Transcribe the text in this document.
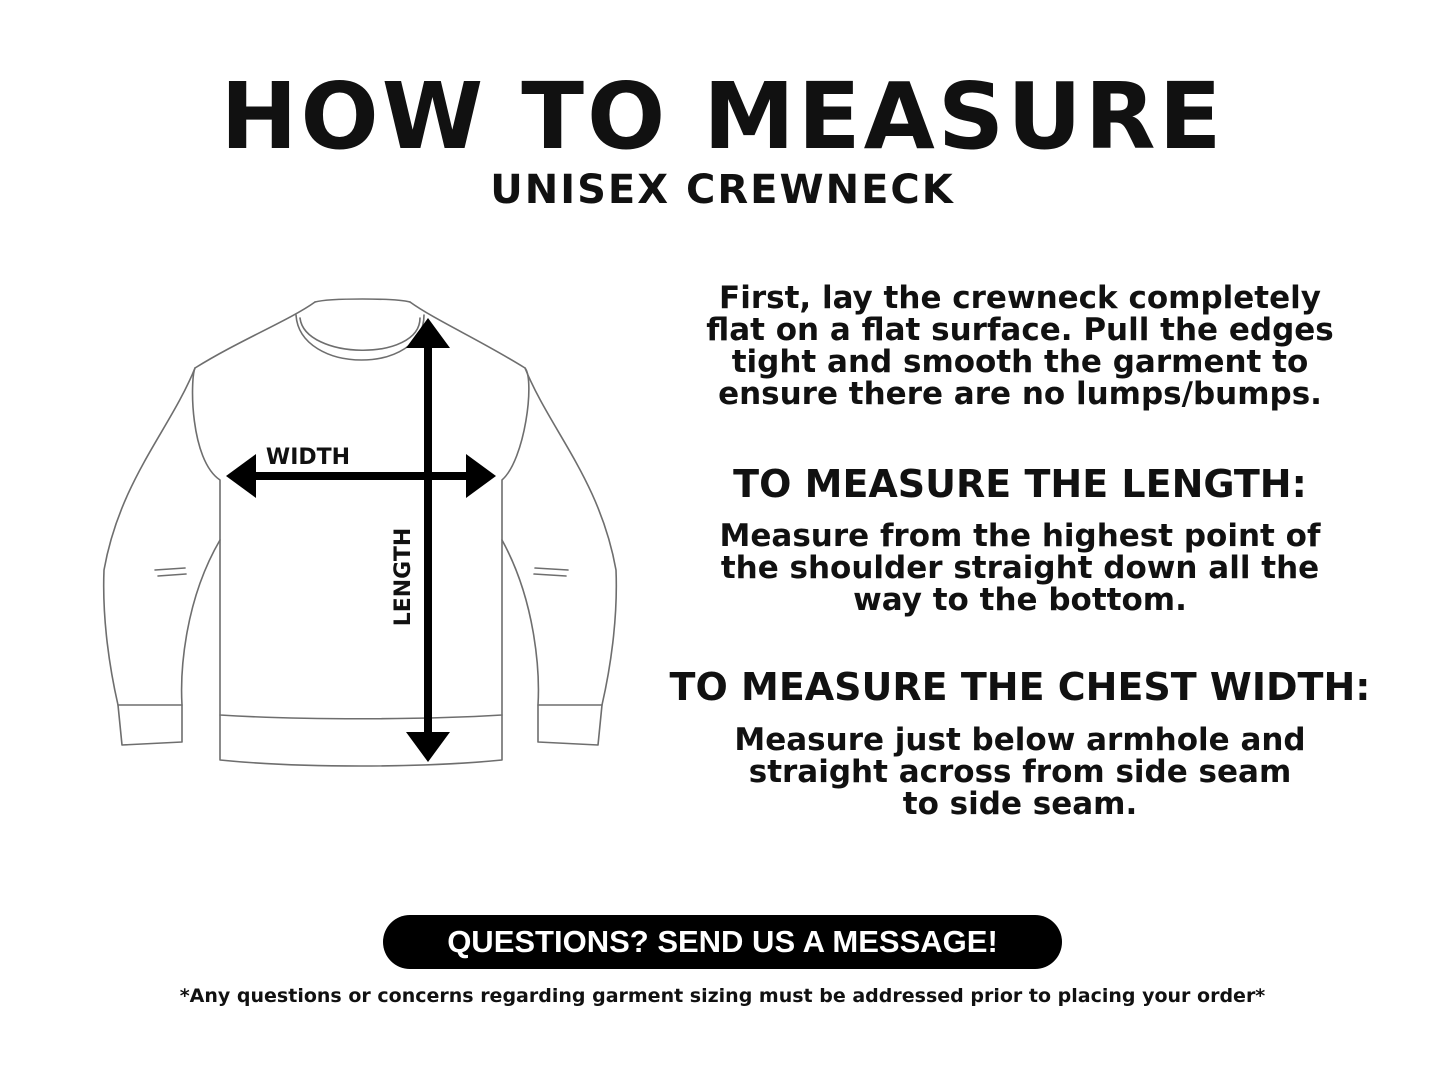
HOW TO MEASURE
UNISEX CREWNECK
WIDTH
LENGTH
First, lay the crewneck completely
flat on a flat surface. Pull the edges
tight and smooth the garment to
ensure there are no lumps/bumps.
TO MEASURE THE LENGTH:
Measure from the highest point of
the shoulder straight down all the
way to the bottom.
TO MEASURE THE CHEST WIDTH:
Measure just below armhole and
straight across from side seam
to side seam.
QUESTIONS? SEND US A MESSAGE!
*Any questions or concerns regarding garment sizing must be addressed prior to placing your order*
